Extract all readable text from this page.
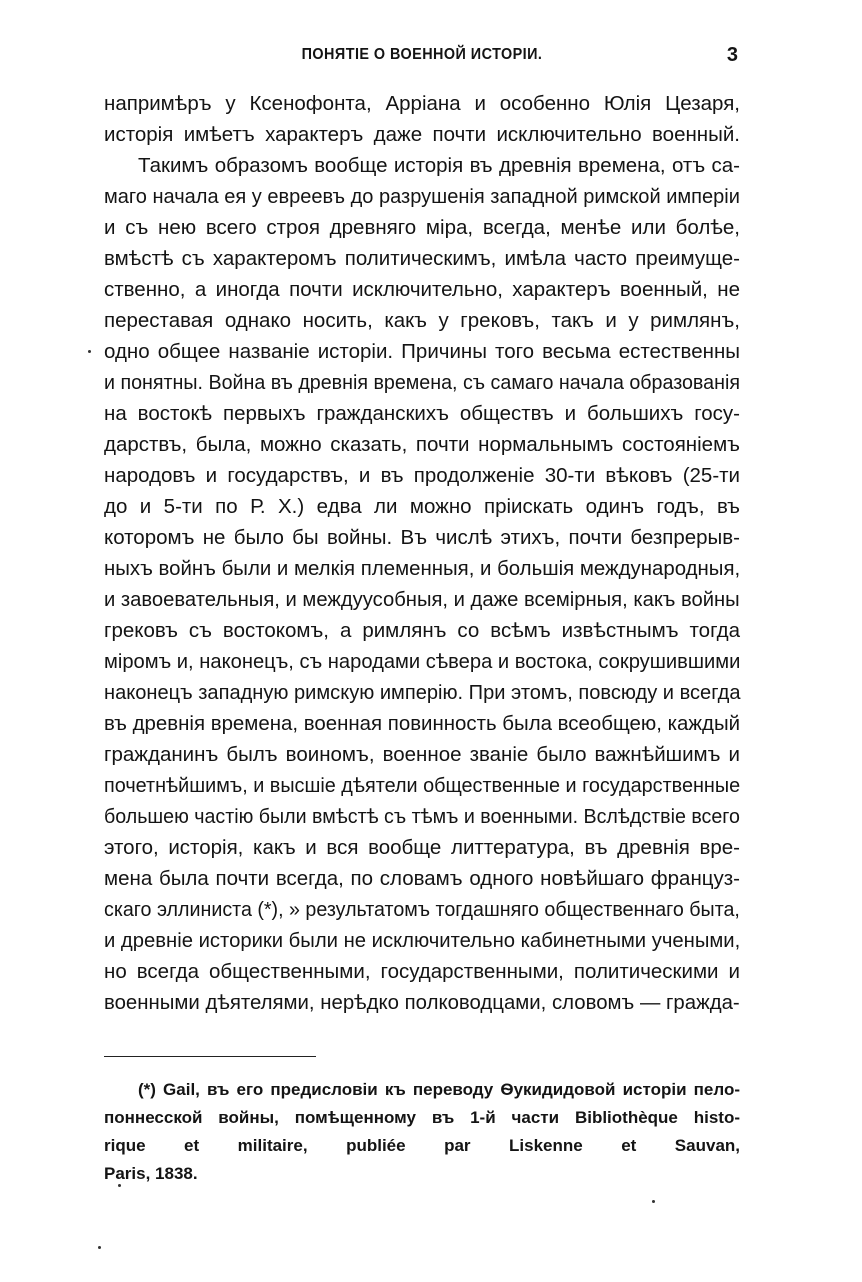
ПОНЯТІЕ О ВОЕННОЙ ИСТОРІИ.	3
напримѣръ у Ксенофонта, Арріана и особенно Юлія Цезаря,
исторія имѣетъ характеръ даже почти исключительно военный.
Такимъ образомъ вообще исторія въ древнія времена, отъ са-
маго начала ея у евреевъ до разрушенія западной римской имперіи
и съ нею всего строя древняго міра, всегда, менѣе или болѣе,
вмѣстѣ съ характеромъ политическимъ, имѣла часто преимуще-
ственно, а иногда почти исключительно, характеръ военный, не
переставая однако носить, какъ у грековъ, такъ и у римлянъ,
одно общее названіе исторіи. Причины того весьма естественны
и понятны. Война въ древнія времена, съ самаго начала образованія
на востокѣ первыхъ гражданскихъ обществъ и большихъ госу-
дарствъ, была, можно сказать, почти нормальнымъ состояніемъ
народовъ и государствъ, и въ продолженіе 30-ти вѣковъ (25-ти
до и 5-ти по Р. Х.) едва ли можно пріискать одинъ годъ, въ
которомъ не было бы войны. Въ числѣ этихъ, почти безпрерыв-
ныхъ войнъ были и мелкія племенныя, и большія международныя,
и завоевательныя, и междуусобныя, и даже всемірныя, какъ войны
грековъ съ востокомъ, а римлянъ со всѣмъ извѣстнымъ тогда
міромъ и, наконецъ, съ народами сѣвера и востока, сокрушившими
наконецъ западную римскую имперію. При этомъ, повсюду и всегда
въ древнія времена, военная повинность была всеобщею, каждый
гражданинъ былъ воиномъ, военное званіе было важнѣйшимъ и
почетнѣйшимъ, и высшіе дѣятели общественные и государственные
большею частію были вмѣстѣ съ тѣмъ и военными. Вслѣдствіе всего
этого, исторія, какъ и вся вообще литтература, въ древнія вре-
мена была почти всегда, по словамъ одного новѣйшаго француз-
скаго эллиниста (*), » результатомъ тогдашняго общественнаго быта,
и древніе историки были не исключительно кабинетными учеными,
но всегда общественными, государственными, политическими и
военными дѣятелями, нерѣдко полководцами, словомъ — гражда-
(*) Gail, въ его предисловіи къ переводу Ѳукидидовой исторіи пело-
поннесской войны, помѣщенному въ 1-й части Bibliothèque histo-
rique et militaire, publiée par Liskenne et Sauvan,
Paris, 1838.
